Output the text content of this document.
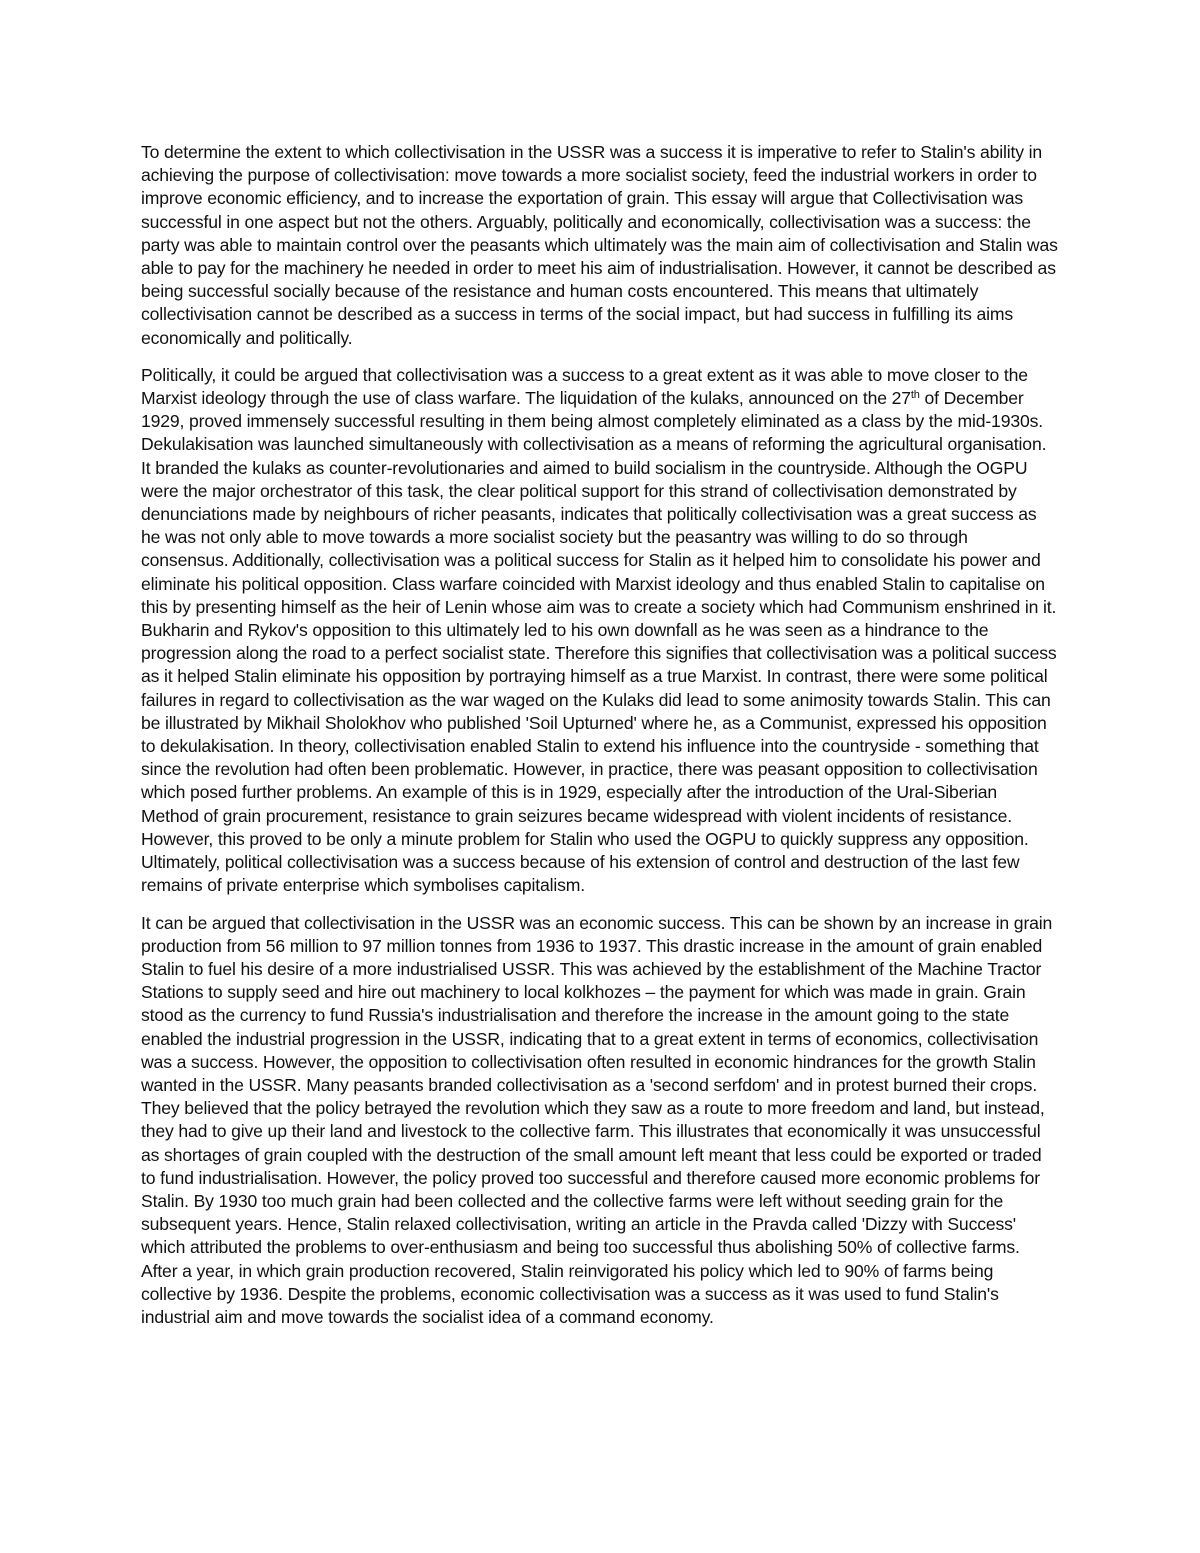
To determine the extent to which collectivisation in the USSR was a success it is imperative to refer to Stalin's ability in achieving the purpose of collectivisation: move towards a more socialist society, feed the industrial workers in order to improve economic efficiency, and to increase the exportation of grain. This essay will argue that Collectivisation was successful in one aspect but not the others. Arguably, politically and economically, collectivisation was a success: the party was able to maintain control over the peasants which ultimately was the main aim of collectivisation and Stalin was able to pay for the machinery he needed in order to meet his aim of industrialisation. However, it cannot be described as being successful socially because of the resistance and human costs encountered. This means that ultimately collectivisation cannot be described as a success in terms of the social impact, but had success in fulfilling its aims economically and politically.

Politically, it could be argued that collectivisation was a success to a great extent as it was able to move closer to the Marxist ideology through the use of class warfare. The liquidation of the kulaks, announced on the 27th of December 1929, proved immensely successful resulting in them being almost completely eliminated as a class by the mid-1930s. Dekulakisation was launched simultaneously with collectivisation as a means of reforming the agricultural organisation. It branded the kulaks as counter-revolutionaries and aimed to build socialism in the countryside. Although the OGPU were the major orchestrator of this task, the clear political support for this strand of collectivisation demonstrated by denunciations made by neighbours of richer peasants, indicates that politically collectivisation was a great success as he was not only able to move towards a more socialist society but the peasantry was willing to do so through consensus. Additionally, collectivisation was a political success for Stalin as it helped him to consolidate his power and eliminate his political opposition. Class warfare coincided with Marxist ideology and thus enabled Stalin to capitalise on this by presenting himself as the heir of Lenin whose aim was to create a society which had Communism enshrined in it. Bukharin and Rykov's opposition to this ultimately led to his own downfall as he was seen as a hindrance to the progression along the road to a perfect socialist state. Therefore this signifies that collectivisation was a political success as it helped Stalin eliminate his opposition by portraying himself as a true Marxist. In contrast, there were some political failures in regard to collectivisation as the war waged on the Kulaks did lead to some animosity towards Stalin. This can be illustrated by Mikhail Sholokhov who published 'Soil Upturned' where he, as a Communist, expressed his opposition to dekulakisation. In theory, collectivisation enabled Stalin to extend his influence into the countryside - something that since the revolution had often been problematic. However, in practice, there was peasant opposition to collectivisation which posed further problems. An example of this is in 1929, especially after the introduction of the Ural-Siberian Method of grain procurement, resistance to grain seizures became widespread with violent incidents of resistance. However, this proved to be only a minute problem for Stalin who used the OGPU to quickly suppress any opposition. Ultimately, political collectivisation was a success because of his extension of control and destruction of the last few remains of private enterprise which symbolises capitalism.

It can be argued that collectivisation in the USSR was an economic success. This can be shown by an increase in grain production from 56 million to 97 million tonnes from 1936 to 1937. This drastic increase in the amount of grain enabled Stalin to fuel his desire of a more industrialised USSR. This was achieved by the establishment of the Machine Tractor Stations to supply seed and hire out machinery to local kolkhozes – the payment for which was made in grain. Grain stood as the currency to fund Russia's industrialisation and therefore the increase in the amount going to the state enabled the industrial progression in the USSR, indicating that to a great extent in terms of economics, collectivisation was a success. However, the opposition to collectivisation often resulted in economic hindrances for the growth Stalin wanted in the USSR. Many peasants branded collectivisation as a 'second serfdom' and in protest burned their crops. They believed that the policy betrayed the revolution which they saw as a route to more freedom and land, but instead, they had to give up their land and livestock to the collective farm. This illustrates that economically it was unsuccessful as shortages of grain coupled with the destruction of the small amount left meant that less could be exported or traded to fund industrialisation. However, the policy proved too successful and therefore caused more economic problems for Stalin. By 1930 too much grain had been collected and the collective farms were left without seeding grain for the subsequent years. Hence, Stalin relaxed collectivisation, writing an article in the Pravda called 'Dizzy with Success' which attributed the problems to over-enthusiasm and being too successful thus abolishing 50% of collective farms. After a year, in which grain production recovered, Stalin reinvigorated his policy which led to 90% of farms being collective by 1936. Despite the problems, economic collectivisation was a success as it was used to fund Stalin's industrial aim and move towards the socialist idea of a command economy.
